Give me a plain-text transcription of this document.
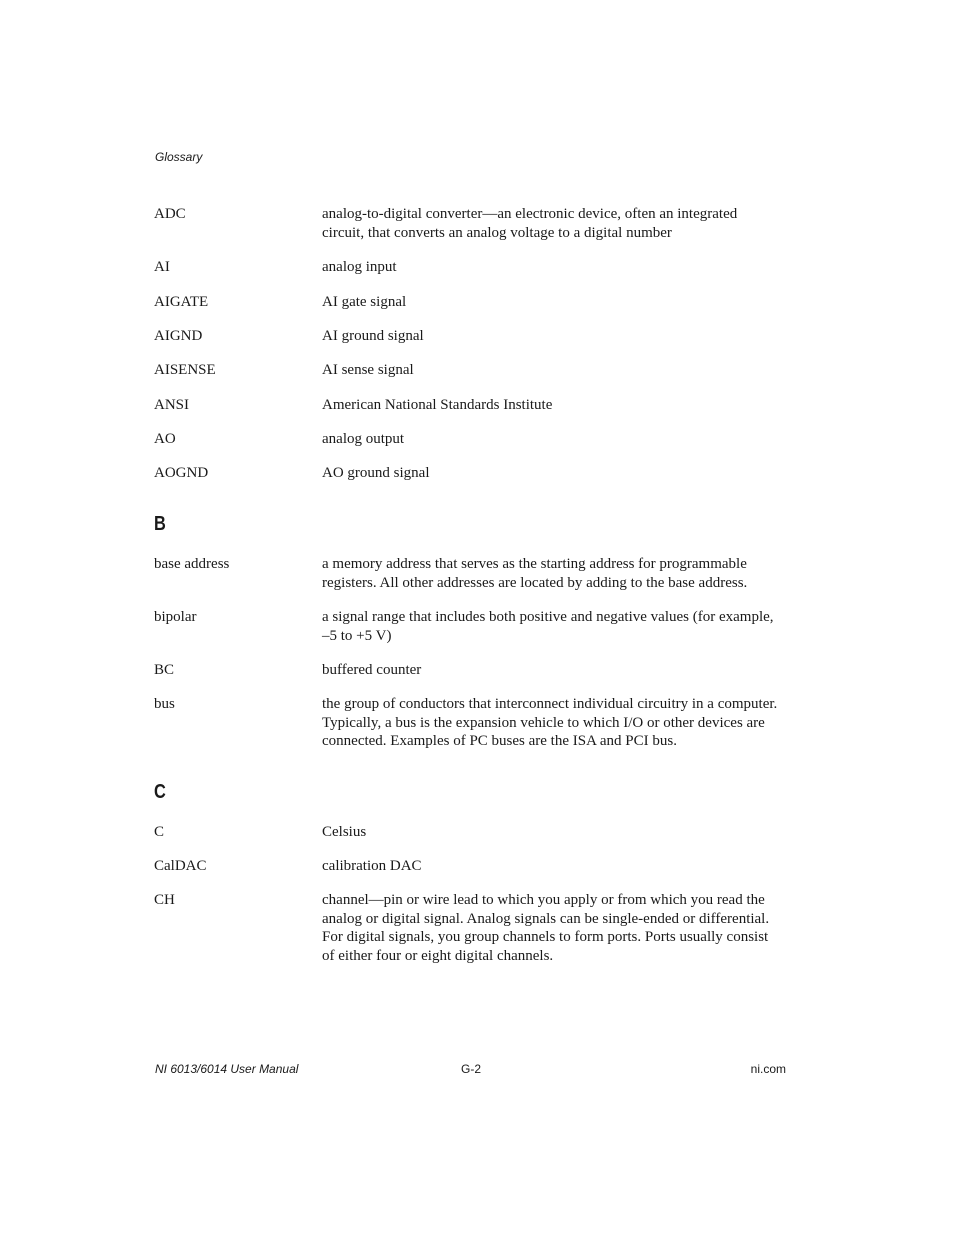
Glossary
ADC	analog-to-digital converter—an electronic device, often an integrated
circuit, that converts an analog voltage to a digital number
AI	analog input
AIGATE	AI gate signal
AIGND	AI ground signal
AISENSE	AI sense signal
ANSI	American National Standards Institute
AO	analog output
AOGND	AO ground signal
B
base address	a memory address that serves as the starting address for programmable
registers. All other addresses are located by adding to the base address.
bipolar	a signal range that includes both positive and negative values (for example,
–5 to +5 V)
BC	buffered counter
bus	the group of conductors that interconnect individual circuitry in a computer.
Typically, a bus is the expansion vehicle to which I/O or other devices are
connected. Examples of PC buses are the ISA and PCI bus.
C
C	Celsius
CalDAC	calibration DAC
CH	channel—pin or wire lead to which you apply or from which you read the
analog or digital signal. Analog signals can be single-ended or differential.
For digital signals, you group channels to form ports. Ports usually consist
of either four or eight digital channels.
NI 6013/6014 User Manual	G-2	ni.com
